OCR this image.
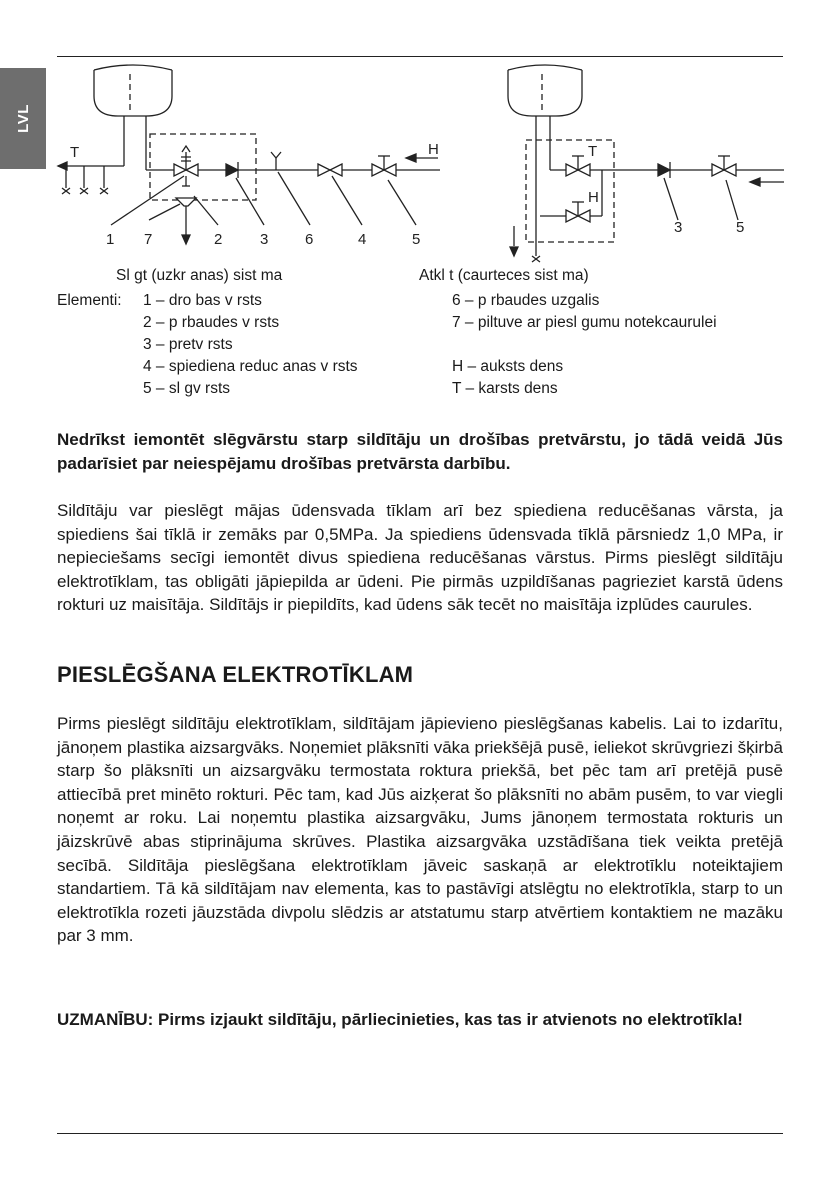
LVL
T
1 7	2	3 6	4	5
H	T
H
3	5
Sl gt (uzkr anas) sist ma	Atkl t (caurteces sist ma)
Elementi: 1 – dro bas v rsts
2 – p rbaudes v rsts
3 – pretv rsts
4 – spiediena reduc anas v rsts
5 – sl gv rsts
6 – p rbaudes uzgalis
7 – piltuve ar piesl gumu notekcaurulei
H – auksts dens
T – karsts dens

Nedrīkst iemontēt slēgvārstu starp sildītāju un drošības pretvārstu, jo tādā veidā Jūs padarīsiet par neiespējamu drošības pretvārsta darbību.

Sildītāju var pieslēgt mājas ūdensvada tīklam arī bez spiediena reducēšanas vārsta, ja spiediens šai tīklā ir zemāks par 0,5MPa. Ja spiediens ūdensvada tīklā pārsniedz 1,0 MPa, ir nepieciešams secīgi iemontēt divus spiediena reducēšanas vārstus. Pirms pieslēgt sildītāju elektrotīklam, tas obligāti jāpiepilda ar ūdeni. Pie pirmās uzpildīšanas pagrieziet karstā ūdens rokturi uz maisītāja. Sildītājs ir piepildīts, kad ūdens sāk tecēt no maisītāja izplūdes caurules.

PIESLĒGŠANA ELEKTROTĪKLAM

Pirms pieslēgt sildītāju elektrotīklam, sildītājam jāpievieno pieslēgšanas kabelis. Lai to izdarītu, jānoņem plastika aizsargvāks. Noņemiet plāksnīti vāka priekšējā pusē, ieliekot skrūvgriezi šķirbā starp šo plāksnīti un aizsargvāku termostata roktura priekšā, bet pēc tam arī pretējā pusē attiecībā pret minēto rokturi. Pēc tam, kad Jūs aizķerat šo plāksnīti no abām pusēm, to var viegli noņemt ar roku. Lai noņemtu plastika aizsargvāku, Jums jānoņem termostata rokturis un jāizskrūvē abas stiprinājuma skrūves. Plastika aizsargvāka uzstādīšana tiek veikta pretējā secībā. Sildītāja pieslēgšana elektrotīklam jāveic saskaņā ar elektrotīklu noteiktajiem standartiem. Tā kā sildītājam nav elementa, kas to pastāvīgi atslēgtu no elektrotīkla, starp to un elektrotīkla rozeti jāuzstāda divpolu slēdzis ar atstatumu starp atvērtiem kontaktiem ne mazāku par 3 mm.

UZMANĪBU: Pirms izjaukt sildītāju, pārliecinieties, kas tas ir atvienots no elektrotīkla!
